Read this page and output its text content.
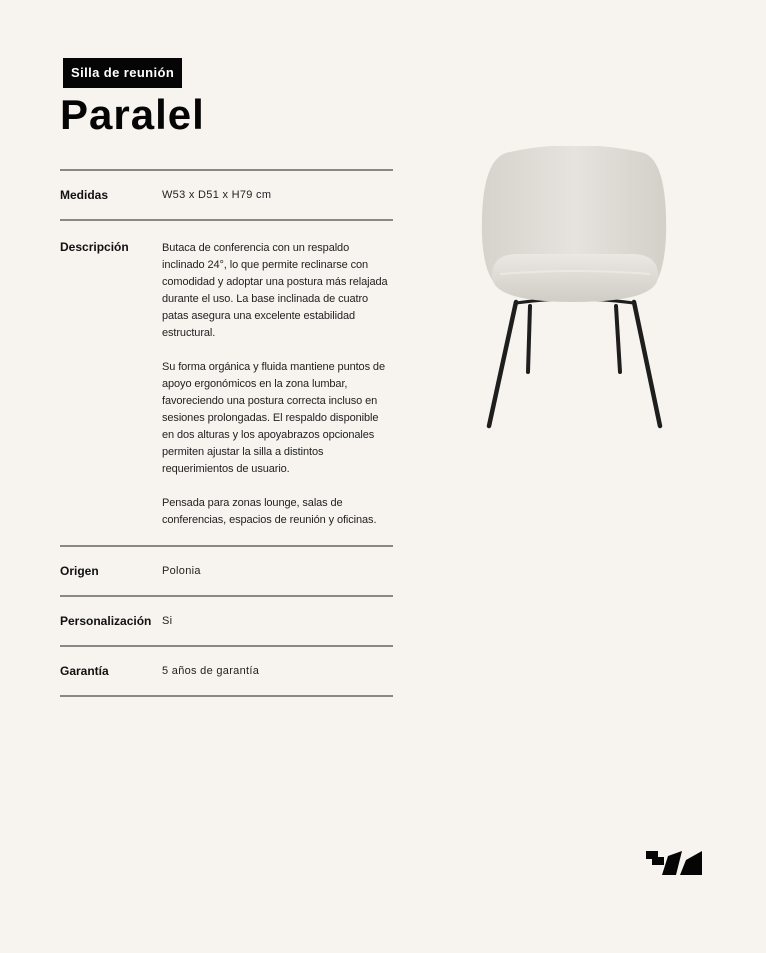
Silla de reunión
Paralel
Medidas	W53 x D51 x H79 cm
Descripción	Butaca de conferencia con un respaldo inclinado 24°, lo que permite reclinarse con comodidad y adoptar una postura más relajada durante el uso. La base inclinada de cuatro patas asegura una excelente estabilidad estructural.

Su forma orgánica y fluida mantiene puntos de apoyo ergonómicos en la zona lumbar, favoreciendo una postura correcta incluso en sesiones prolongadas. El respaldo disponible en dos alturas y los apoyabrazos opcionales permiten ajustar la silla a distintos requerimientos de usuario.

Pensada para zonas lounge, salas de conferencias, espacios de reunión y oficinas.

Origen	Polonia
Personalización Si
Garantía	5 años de garantía
